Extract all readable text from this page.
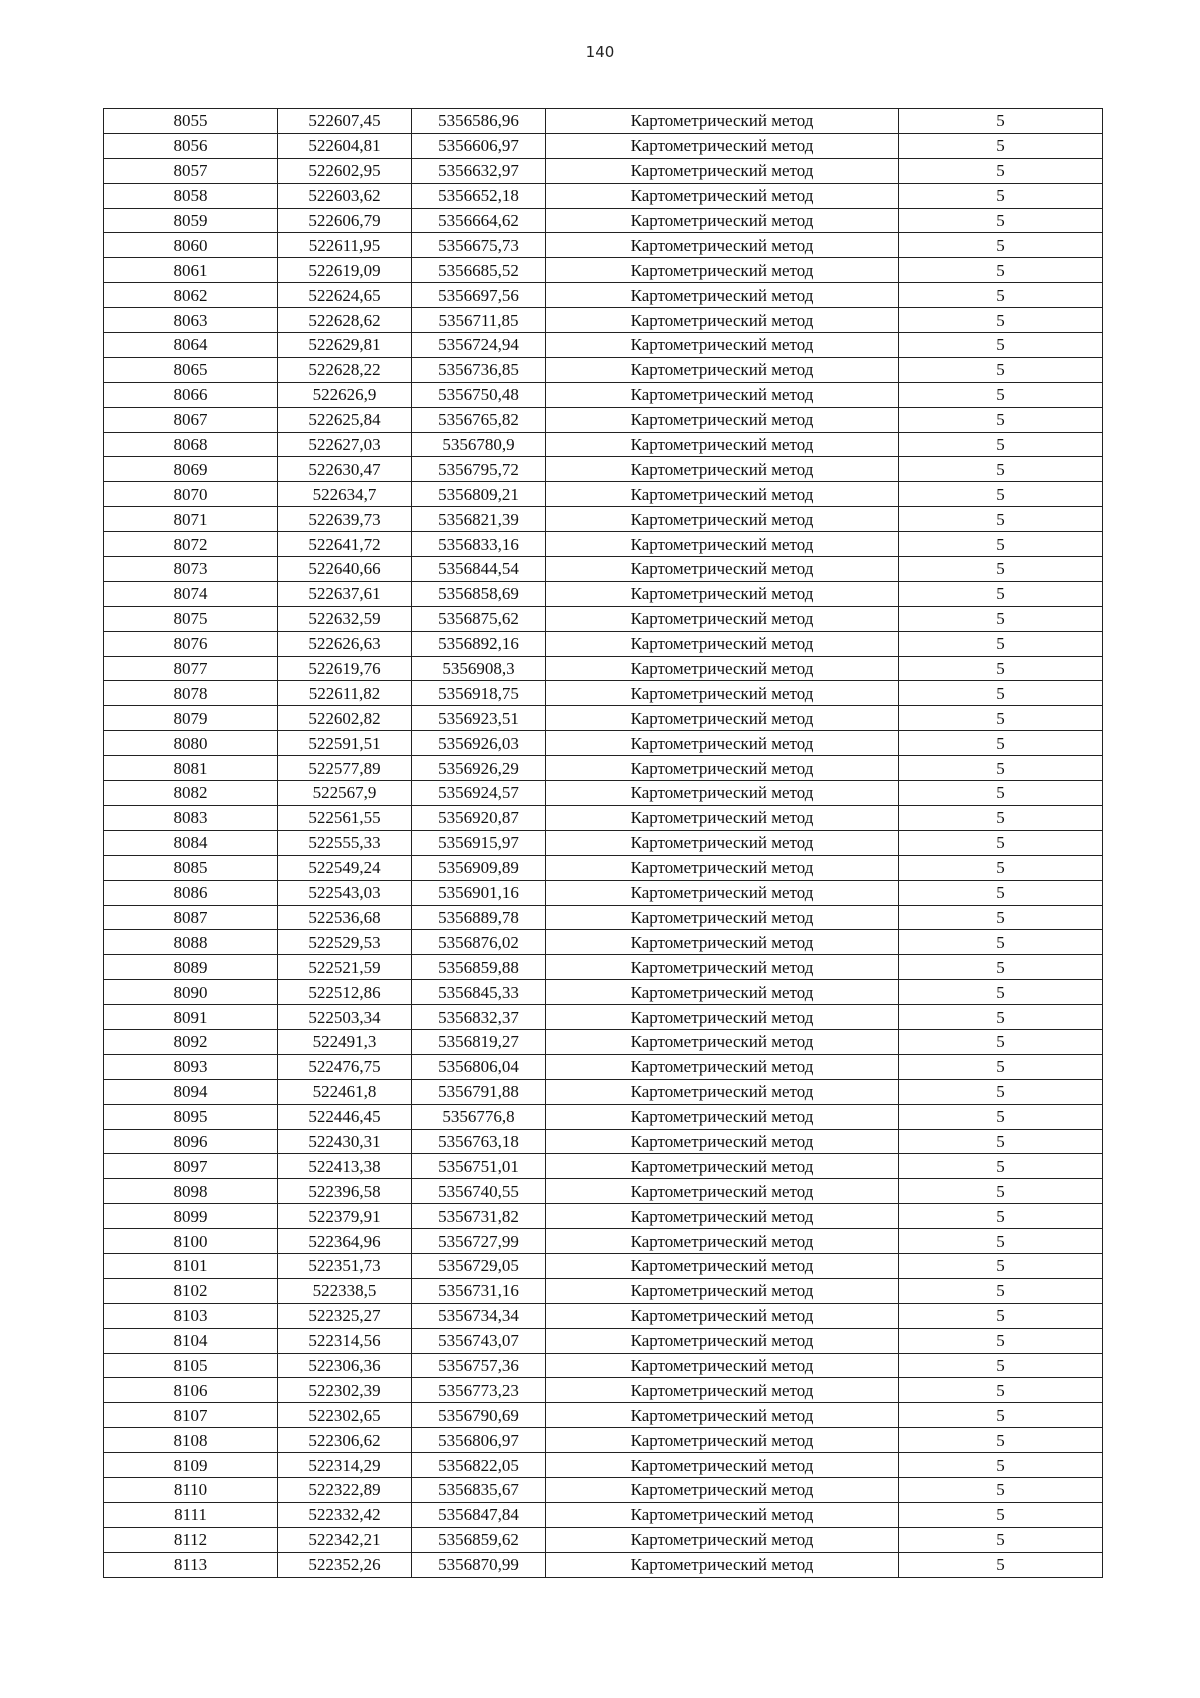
140
8055	522607,45	5356586,96	Картометрический метод	5
8056	522604,81	5356606,97	Картометрический метод	5
8057	522602,95	5356632,97	Картометрический метод	5
8058	522603,62	5356652,18	Картометрический метод	5
8059	522606,79	5356664,62	Картометрический метод	5
8060	522611,95	5356675,73	Картометрический метод	5
8061	522619,09	5356685,52	Картометрический метод	5
8062	522624,65	5356697,56	Картометрический метод	5
8063	522628,62	5356711,85	Картометрический метод	5
8064	522629,81	5356724,94	Картометрический метод	5
8065	522628,22	5356736,85	Картометрический метод	5
8066	522626,9	5356750,48	Картометрический метод	5
8067	522625,84	5356765,82	Картометрический метод	5
8068	522627,03	5356780,9	Картометрический метод	5
8069	522630,47	5356795,72	Картометрический метод	5
8070	522634,7	5356809,21	Картометрический метод	5
8071	522639,73	5356821,39	Картометрический метод	5
8072	522641,72	5356833,16	Картометрический метод	5
8073	522640,66	5356844,54	Картометрический метод	5
8074	522637,61	5356858,69	Картометрический метод	5
8075	522632,59	5356875,62	Картометрический метод	5
8076	522626,63	5356892,16	Картометрический метод	5
8077	522619,76	5356908,3	Картометрический метод	5
8078	522611,82	5356918,75	Картометрический метод	5
8079	522602,82	5356923,51	Картометрический метод	5
8080	522591,51	5356926,03	Картометрический метод	5
8081	522577,89	5356926,29	Картометрический метод	5
8082	522567,9	5356924,57	Картометрический метод	5
8083	522561,55	5356920,87	Картометрический метод	5
8084	522555,33	5356915,97	Картометрический метод	5
8085	522549,24	5356909,89	Картометрический метод	5
8086	522543,03	5356901,16	Картометрический метод	5
8087	522536,68	5356889,78	Картометрический метод	5
8088	522529,53	5356876,02	Картометрический метод	5
8089	522521,59	5356859,88	Картометрический метод	5
8090	522512,86	5356845,33	Картометрический метод	5
8091	522503,34	5356832,37	Картометрический метод	5
8092	522491,3	5356819,27	Картометрический метод	5
8093	522476,75	5356806,04	Картометрический метод	5
8094	522461,8	5356791,88	Картометрический метод	5
8095	522446,45	5356776,8	Картометрический метод	5
8096	522430,31	5356763,18	Картометрический метод	5
8097	522413,38	5356751,01	Картометрический метод	5
8098	522396,58	5356740,55	Картометрический метод	5
8099	522379,91	5356731,82	Картометрический метод	5
8100	522364,96	5356727,99	Картометрический метод	5
8101	522351,73	5356729,05	Картометрический метод	5
8102	522338,5	5356731,16	Картометрический метод	5
8103	522325,27	5356734,34	Картометрический метод	5
8104	522314,56	5356743,07	Картометрический метод	5
8105	522306,36	5356757,36	Картометрический метод	5
8106	522302,39	5356773,23	Картометрический метод	5
8107	522302,65	5356790,69	Картометрический метод	5
8108	522306,62	5356806,97	Картометрический метод	5
8109	522314,29	5356822,05	Картометрический метод	5
8110	522322,89	5356835,67	Картометрический метод	5
8111	522332,42	5356847,84	Картометрический метод	5
8112	522342,21	5356859,62	Картометрический метод	5
8113	522352,26	5356870,99	Картометрический метод	5
